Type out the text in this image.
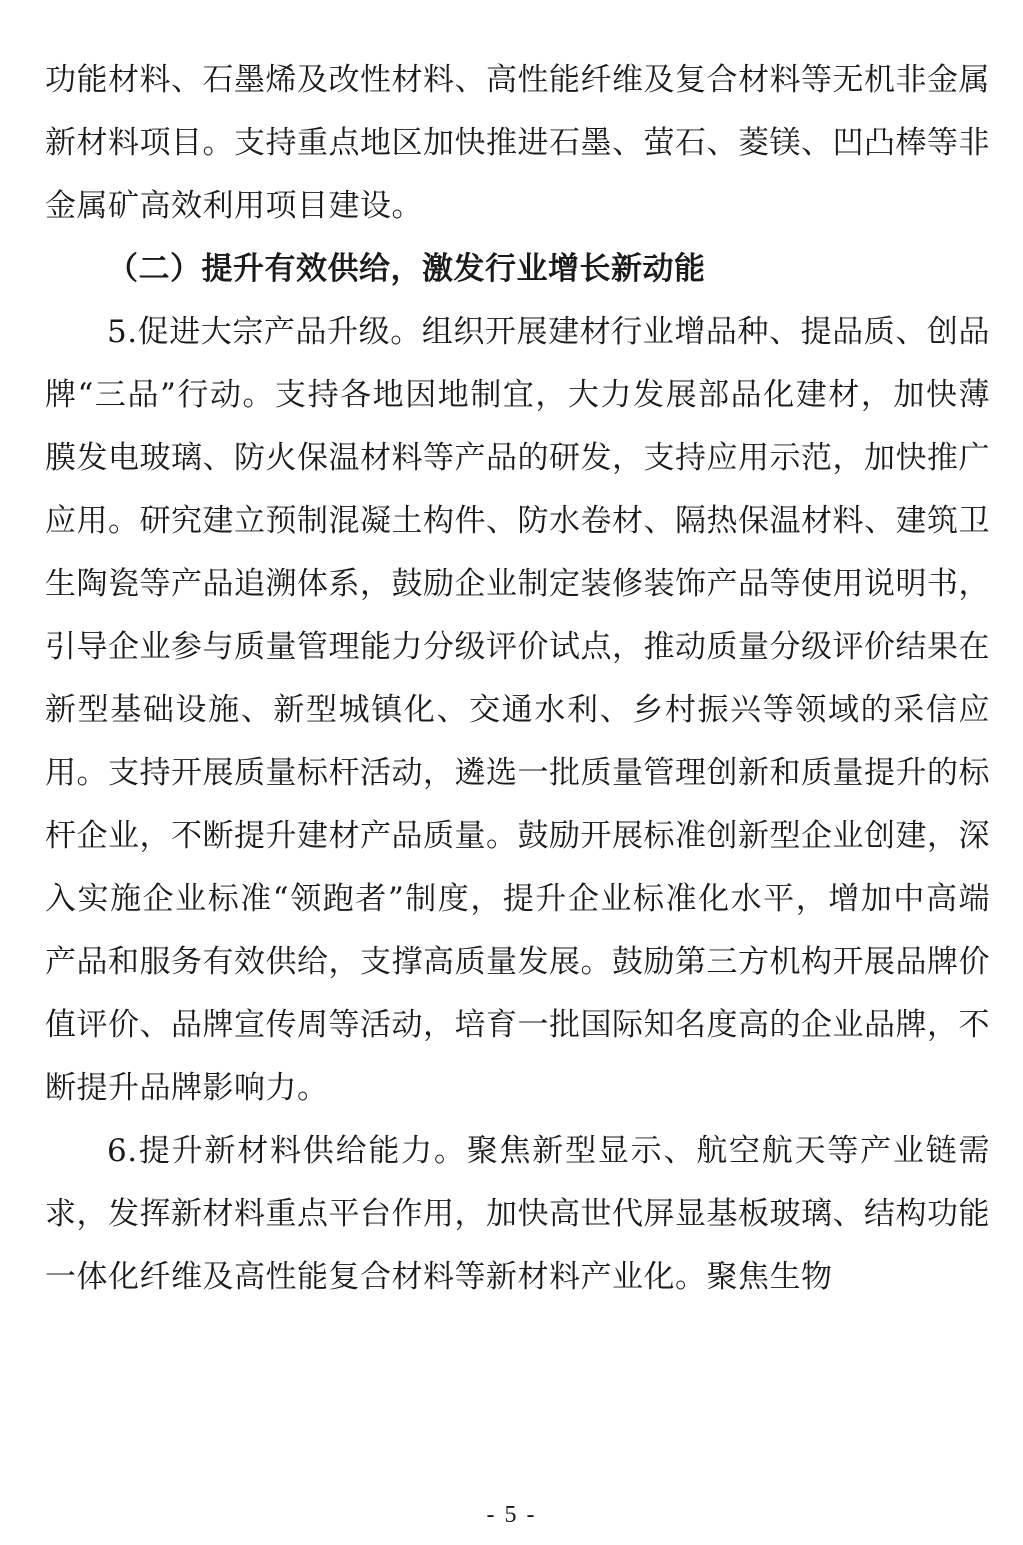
功能材料、石墨烯及改性材料、高性能纤维及复合材料等无机非金属新材料项目。支持重点地区加快推进石墨、萤石、菱镁、凹凸棒等非金属矿高效利用项目建设。

（二）提升有效供给，激发行业增长新动能

5.促进大宗产品升级。组织开展建材行业增品种、提品质、创品牌“三品”行动。支持各地因地制宜，大力发展部品化建材，加快薄膜发电玻璃、防火保温材料等产品的研发，支持应用示范，加快推广应用。研究建立预制混凝土构件、防水卷材、隔热保温材料、建筑卫生陶瓷等产品追溯体系，鼓励企业制定装修装饰产品等使用说明书，引导企业参与质量管理能力分级评价试点，推动质量分级评价结果在新型基础设施、新型城镇化、交通水利、乡村振兴等领域的采信应用。支持开展质量标杆活动，遴选一批质量管理创新和质量提升的标杆企业，不断提升建材产品质量。鼓励开展标准创新型企业创建，深入实施企业标准“领跑者”制度，提升企业标准化水平，增加中高端产品和服务有效供给，支撑高质量发展。鼓励第三方机构开展品牌价值评价、品牌宣传周等活动，培育一批国际知名度高的企业品牌，不断提升品牌影响力。

6.提升新材料供给能力。聚焦新型显示、航空航天等产业链需求，发挥新材料重点平台作用，加快高世代屏显基板玻璃、结构功能一体化纤维及高性能复合材料等新材料产业化。聚焦生物

- 5 -
